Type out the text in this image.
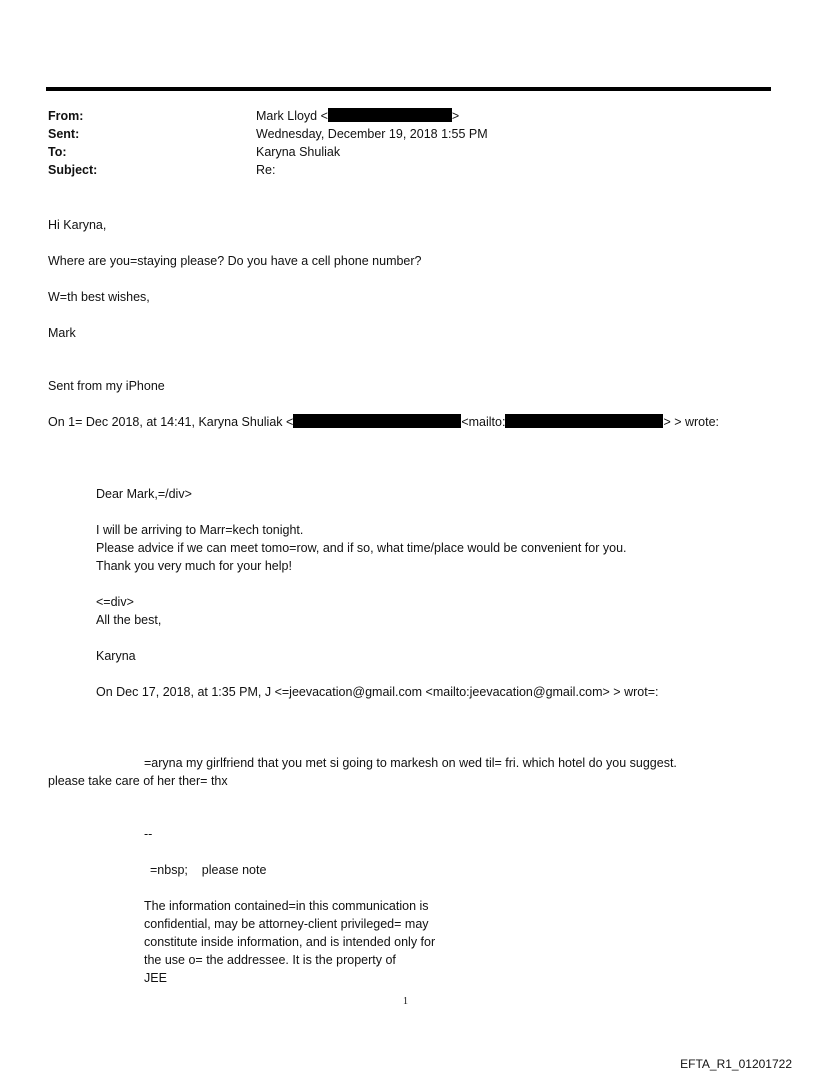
From:	Mark Lloyd <	>
Sent:	Wednesday, December 19, 2018 1:55 PM
To:	Karyna Shuliak
Subject:	Re:
Hi Karyna,
Where are you=staying please? Do you have a cell phone number?
W=th best wishes,
Mark
Sent from my iPhone
On 1= Dec 2018, at 14:41, Karyna Shuliak <	<mailto:	> > wrote:
Dear Mark,=/div>
I will be arriving to Marr=kech tonight.
Please advice if we can meet tomo=row, and if so, what time/place would be convenient for you.
Thank you very much for your help!
<=div>
All the best,
Karyna
On Dec 17, 2018, at 1:35 PM, J <=jeevacation@gmail.com <mailto:jeevacation@gmail.com> > wrot=:
=aryna my girlfriend that you met si going to markesh on wed til= fri. which hotel do you suggest.
please take care of her ther= thx
--
=nbsp;    please note
The information contained=in this communication is
confidential, may be attorney-client privileged= may
constitute inside information, and is intended only for
the use o= the addressee. It is the property of
JEE
1
EFTA_R1_01201722
